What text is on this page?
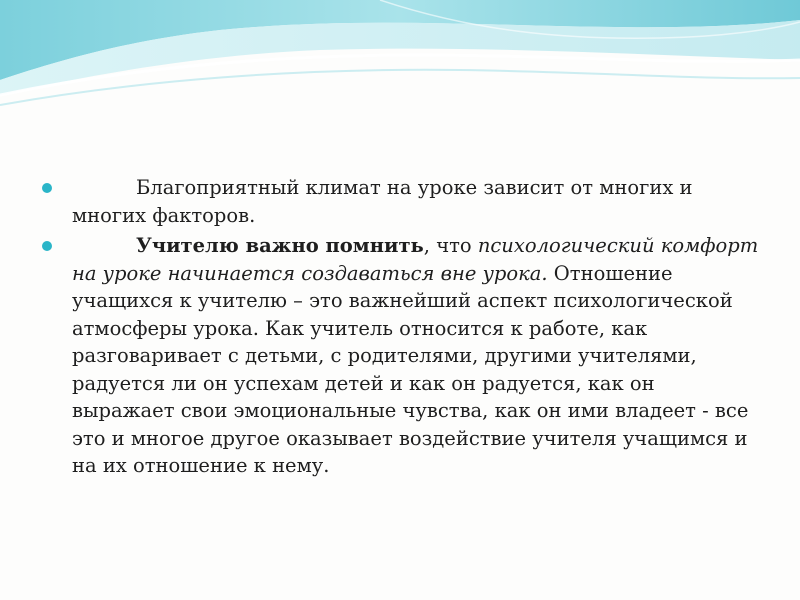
Благоприятный климат на уроке зависит от многих и многих факторов.

Учителю важно помнить, что психологический комфорт на уроке начинается создаваться вне урока. Отношение учащихся к учителю – это важнейший аспект психологической атмосферы урока. Как учитель относится к работе, как разговаривает с детьми, с родителями, другими учителями, радуется ли он успехам детей и как он радуется, как он выражает свои эмоциональные чувства, как он ими владеет - все это и многое другое оказывает воздействие учителя учащимся и на их отношение к нему.
